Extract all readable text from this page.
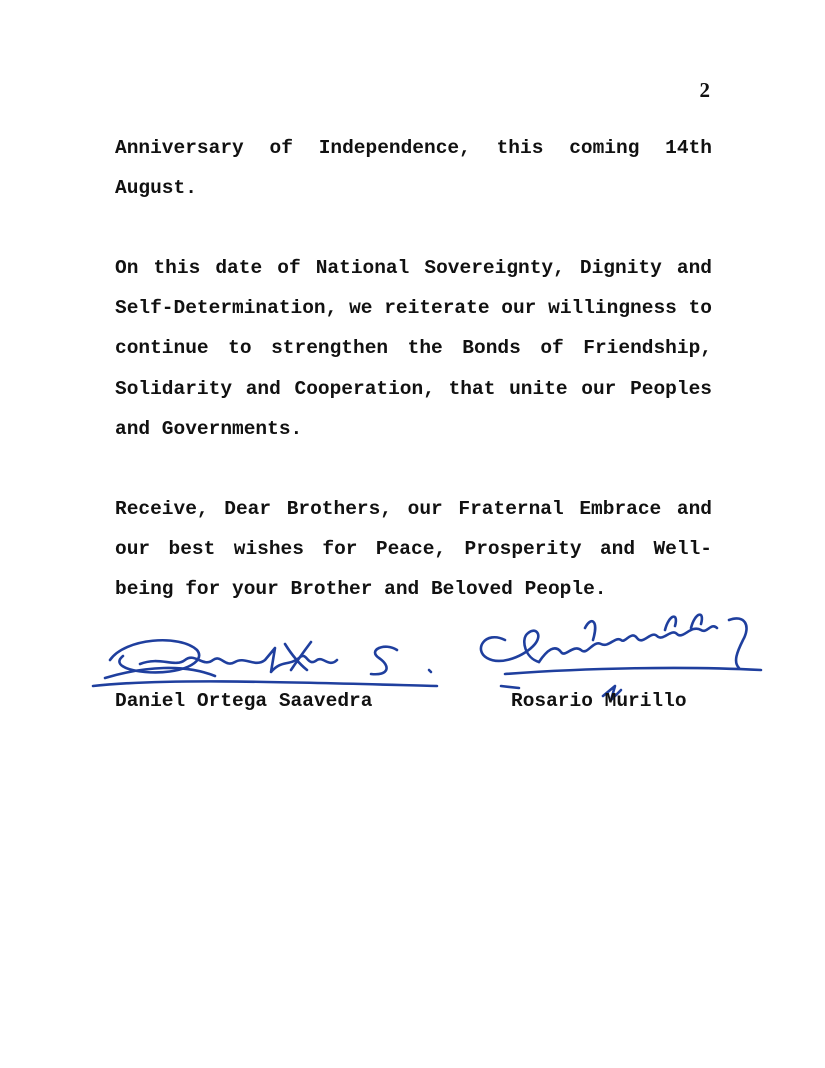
2

Anniversary of Independence, this coming 14th August.

On this date of National Sovereignty, Dignity and Self-Determination, we reiterate our willingness to continue to strengthen the Bonds of Friendship, Solidarity and Cooperation, that unite our Peoples and Governments.

Receive, Dear Brothers, our Fraternal Embrace and our best wishes for Peace, Prosperity and Well-being for your Brother and Beloved People.

Daniel Ortega Saavedra	Rosario Murillo
